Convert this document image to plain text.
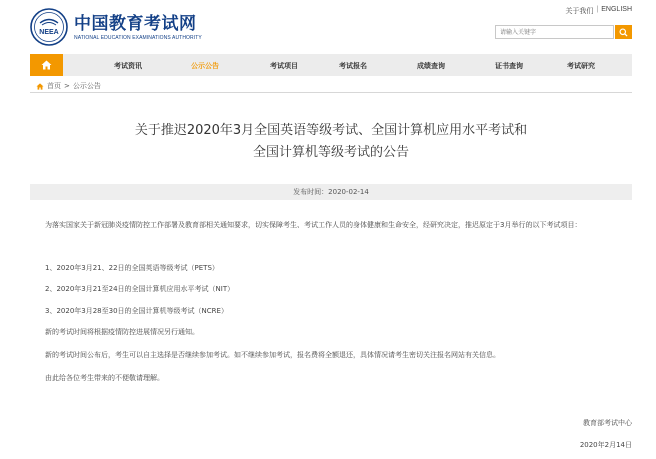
NEEA 中国教育考试网
NATIONAL EDUCATION EXAMINATIONS AUTHORITY
关于我们 | ENGLISH
请输入关键字
考试资讯	公示公告	考试项目	考试报名	成绩查询	证书查询	考试研究
首页 > 公示公告
关于推迟2020年3月全国英语等级考试、全国计算机应用水平考试和
全国计算机等级考试的公告
发布时间：2020-02-14
为落实国家关于新冠肺炎疫情防控工作部署及教育部相关通知要求，切实保障考生、考试工作人员的身体健康和生命安全，经研究决定，推迟原定于3月举行的以下考试项目：
1、2020年3月21、22日的全国英语等级考试（PETS）
2、2020年3月21至24日的全国计算机应用水平考试（NIT）
3、2020年3月28至30日的全国计算机等级考试（NCRE）
新的考试时间将根据疫情防控进展情况另行通知。
新的考试时间公布后，考生可以自主选择是否继续参加考试。如不继续参加考试，报名费将全额退还，具体情况请考生密切关注报名网站有关信息。
由此给各位考生带来的不便敬请理解。
教育部考试中心
2020年2月14日
